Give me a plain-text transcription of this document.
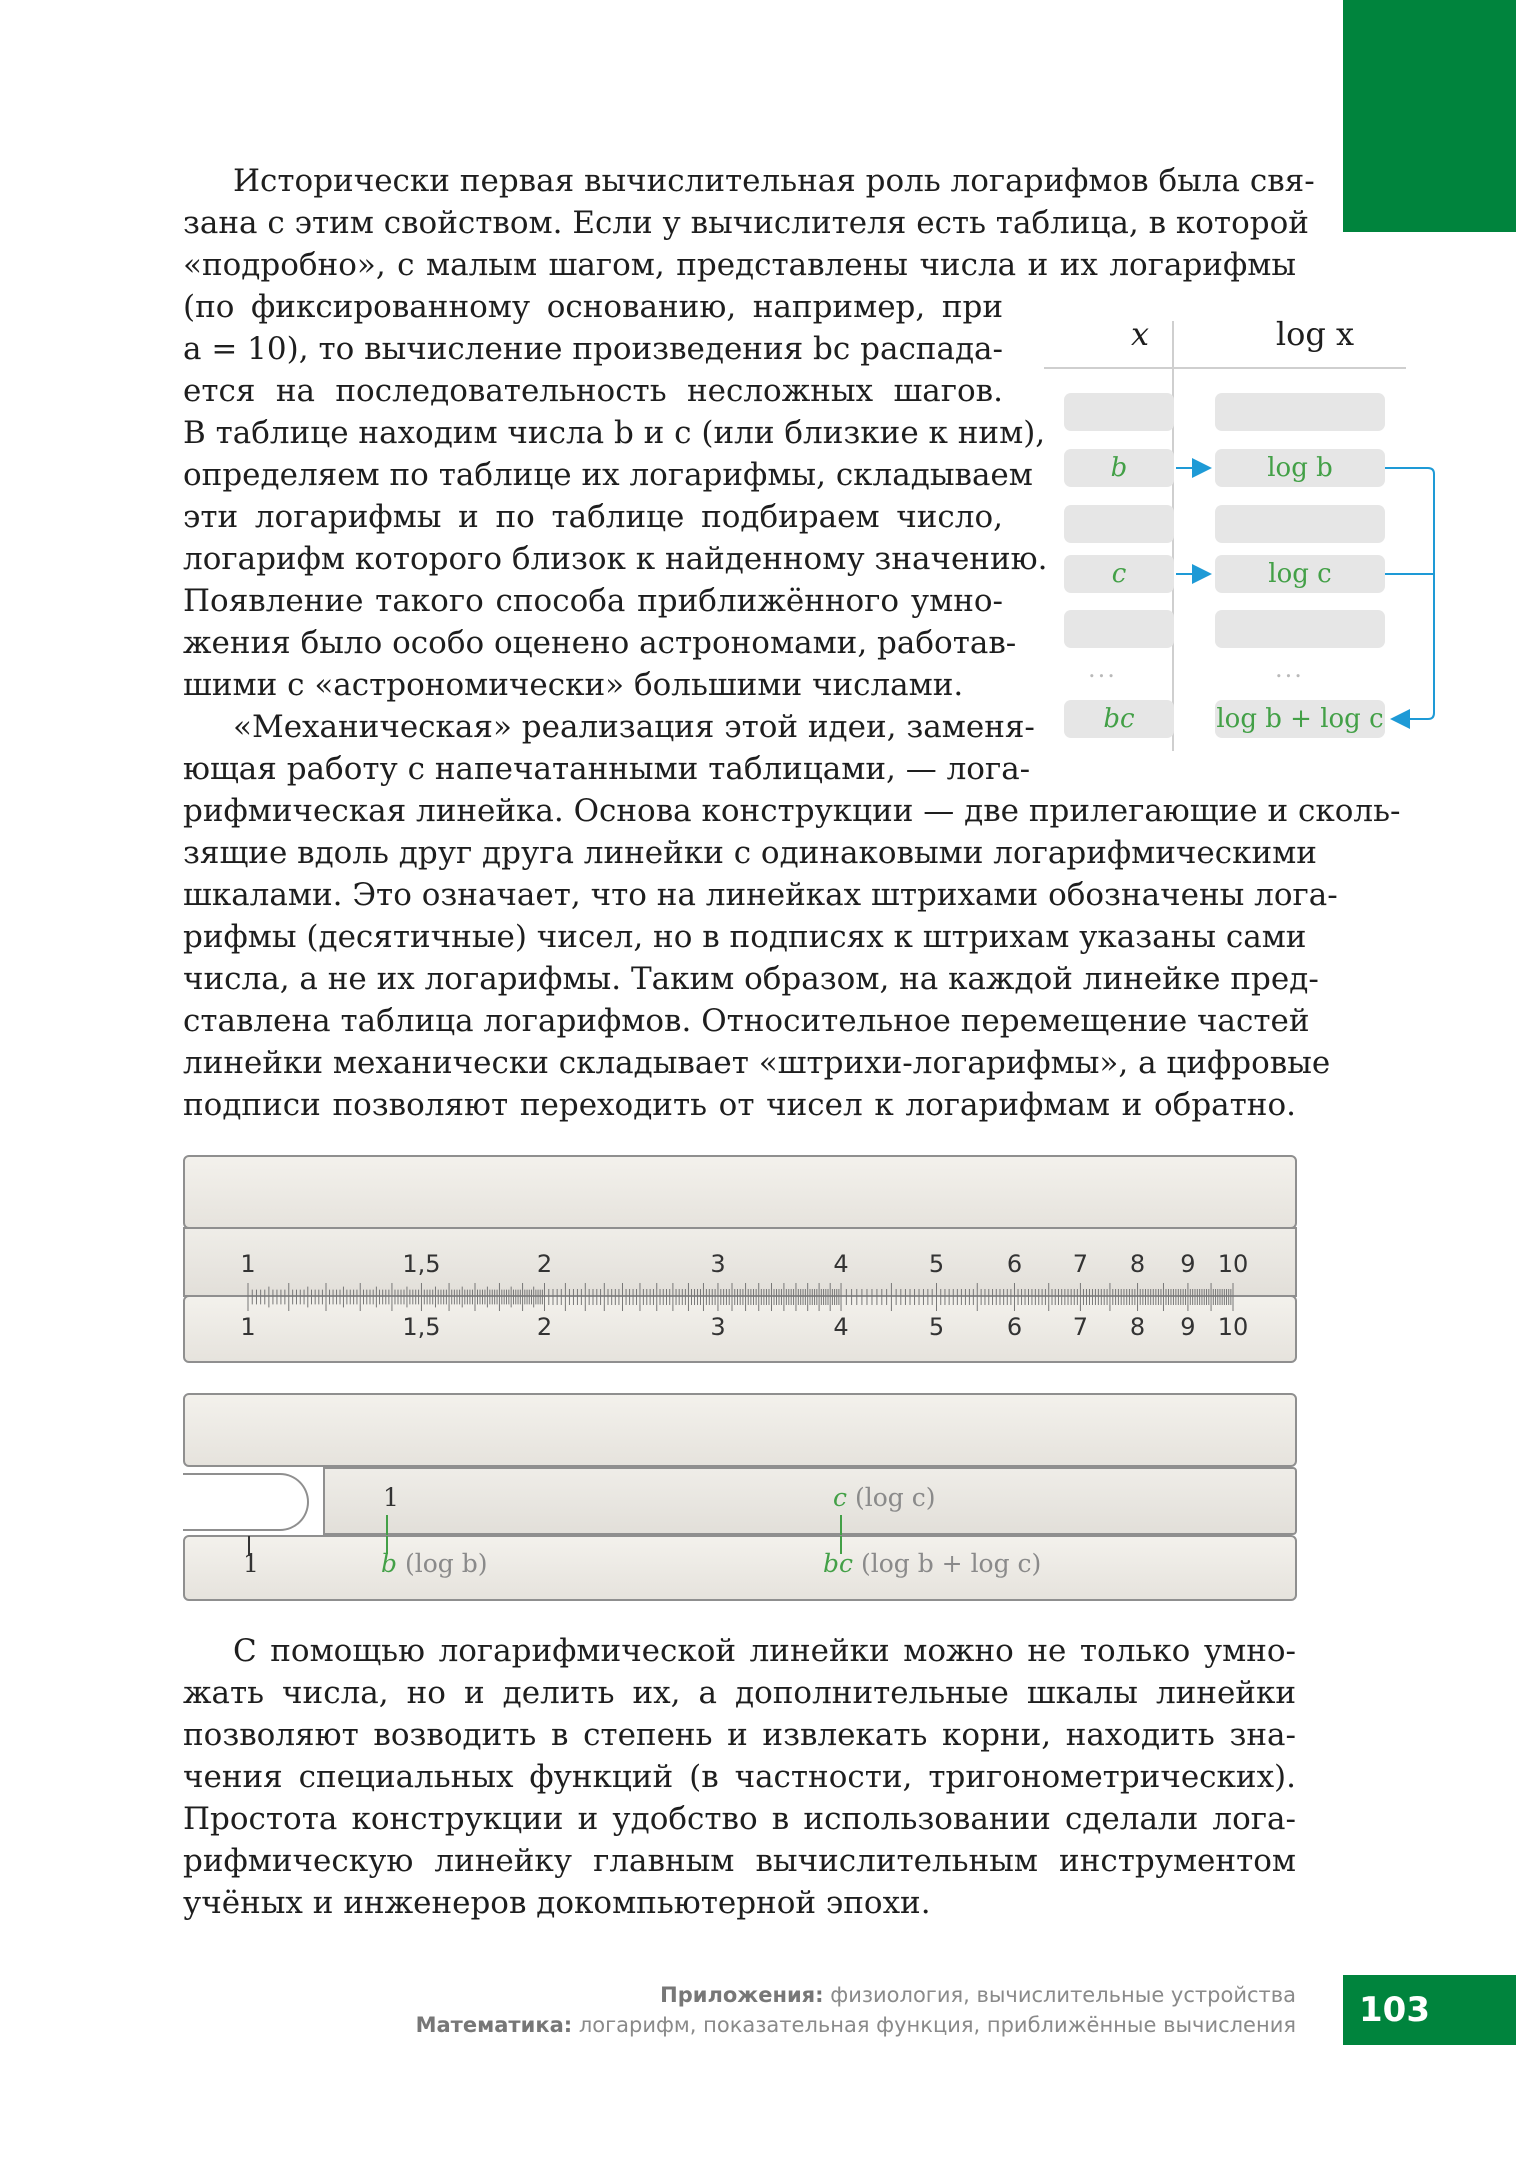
Исторически первая вычислительная роль логарифмов была свя-
зана с этим свойством. Если у вычислителя есть таблица, в которой
«подробно», с малым шагом, представлены числа и их логарифмы
(по фиксированному основанию, например, при
a = 10), то вычисление произведения bc распада-
ется на последовательность несложных шагов.
В таблице находим числа b и c (или близкие к ним),
определяем по таблице их логарифмы, складываем
эти логарифмы и по таблице подбираем число,
логарифм которого близок к найденному значению.
Появление такого способа приближённого умно-
жения было особо оценено астрономами, работав-
шими с «астрономически» большими числами.
«Механическая» реализация этой идеи, заменя-
ющая работу с напечатанными таблицами, — лога-
рифмическая линейка. Основа конструкции — две прилегающие и сколь-
зящие вдоль друг друга линейки с одинаковыми логарифмическими
шкалами. Это означает, что на линейках штрихами обозначены лога-
рифмы (десятичные) чисел, но в подписях к штрихам указаны сами
числа, а не их логарифмы. Таким образом, на каждой линейке пред-
ставлена таблица логарифмов. Относительное перемещение частей
линейки механически складывает «штрихи-логарифмы», а цифровые
подписи позволяют переходить от чисел к логарифмам и обратно.
x	log x
b	log b
c	log c
...	...
bc	log b + log c
1	1,5	2	3	4	5	6 7 8 9 10
1	1,5	2	3	4	5	6 7 8 9 10
1	c (log c)
1	b (log b)	bc (log b + log c)
С помощью логарифмической линейки можно не только умно-
жать числа, но и делить их, а дополнительные шкалы линейки
позволяют возводить в степень и извлекать корни, находить зна-
чения специальных функций (в частности, тригонометрических).
Простота конструкции и удобство в использовании сделали лога-
рифмическую линейку главным вычислительным инструментом
учёных и инженеров докомпьютерной эпохи.
Приложения: физиология, вычислительные устройства
Математика: логарифм, показательная функция, приближённые вычисления	103
